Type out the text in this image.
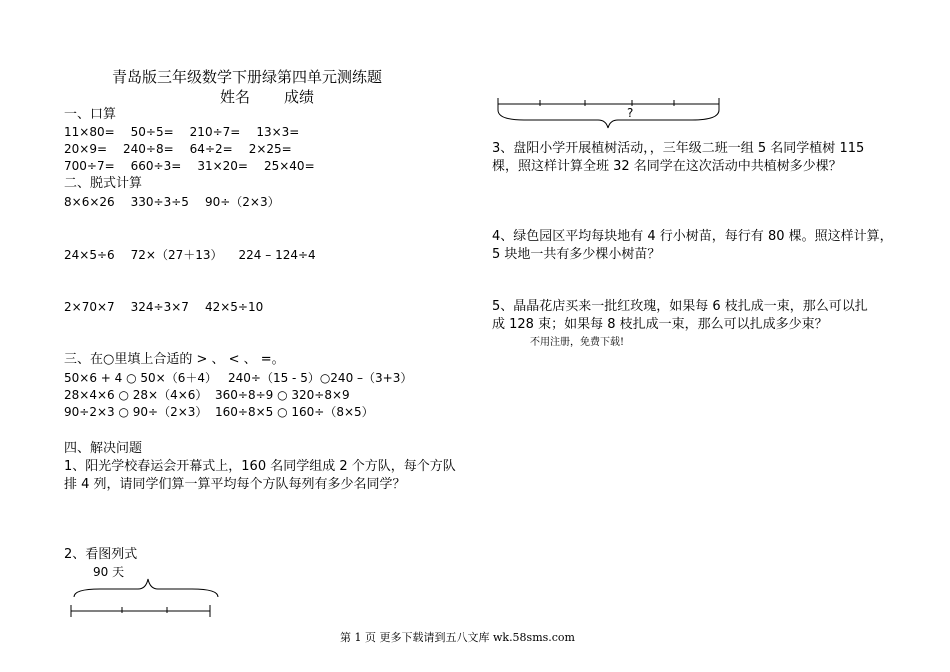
青岛版三年级数学下册绿第四单元测练题
姓名 成绩
一、口算
11×80= 50÷5= 210÷7= 13×3=
20×9= 240÷8= 64÷2= 2×25=
700÷7= 660÷3= 31×20= 25×40=
二、脱式计算
8×6×26 330÷3÷5 90÷（2×3）
24×5÷6 72×（27＋13） 224 – 124÷4
2×70×7 324÷3×7 42×5÷10
三、在○里填上合适的 > 、 < 、 =。
50×6 + 4 ○ 50×（6＋4） 240÷（15 - 5）○240 –（3+3）
28×4×6 ○ 28×（4×6） 360÷8÷9 ○ 320÷8×9
90÷2×3 ○ 90÷（2×3） 160÷8×5 ○ 160÷（8×5）
四、解决问题
1、阳光学校春运会开幕式上，160 名同学组成 2 个方队，每个方队
排 4 列，请同学们算一算平均每个方队每列有多少名同学？
2、看图列式
90 天
?
3、盘阳小学开展植树活动，，三年级二班一组 5 名同学植树 115
棵，照这样计算全班 32 名同学在这次活动中共植树多少棵？
4、绿色园区平均每块地有 4 行小树苗，每行有 80 棵。照这样计算，
5 块地一共有多少棵小树苗？
5、晶晶花店买来一批红玫瑰，如果每 6 枝扎成一束，那么可以扎
成 128 束；如果每 8 枝扎成一束，那么可以扎成多少束？
不用注册，免费下载!
第 1 页 更多下载请到五八文库 wk.58sms.com
